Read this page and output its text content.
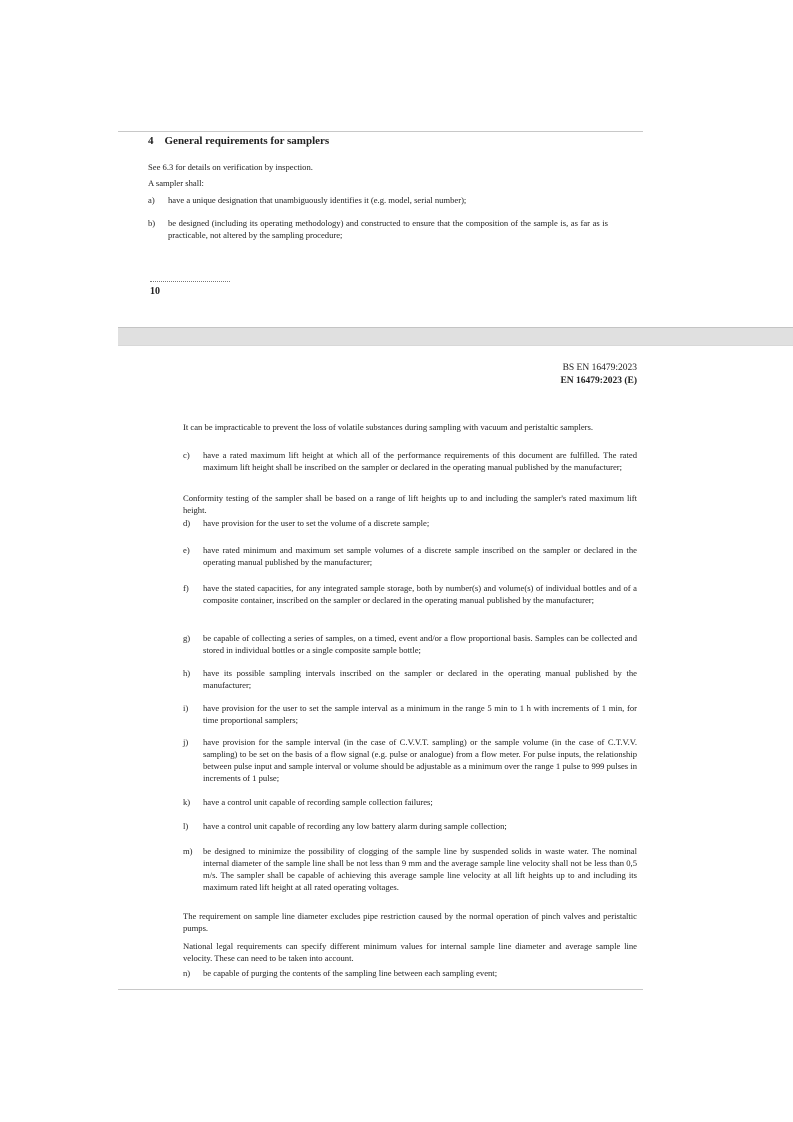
4 General requirements for samplers
See 6.3 for details on verification by inspection.
A sampler shall:
a)	have a unique designation that unambiguously identifies it (e.g. model, serial number);
b)	be designed (including its operating methodology) and constructed to ensure that the composition of the sample is, as far as is practicable, not altered by the sampling procedure;
10
BS EN 16479:2023
EN 16479:2023 (E)
It can be impracticable to prevent the loss of volatile substances during sampling with vacuum and peristaltic samplers.
c)	have a rated maximum lift height at which all of the performance requirements of this document are fulfilled. The rated maximum lift height shall be inscribed on the sampler or declared in the operating manual published by the manufacturer;
Conformity testing of the sampler shall be based on a range of lift heights up to and including the sampler's rated maximum lift height.
d)	have provision for the user to set the volume of a discrete sample;
e)	have rated minimum and maximum set sample volumes of a discrete sample inscribed on the sampler or declared in the operating manual published by the manufacturer;
f)	have the stated capacities, for any integrated sample storage, both by number(s) and volume(s) of individual bottles and of a composite container, inscribed on the sampler or declared in the operating manual published by the manufacturer;
g)	be capable of collecting a series of samples, on a timed, event and/or a flow proportional basis. Samples can be collected and stored in individual bottles or a single composite sample bottle;
h)	have its possible sampling intervals inscribed on the sampler or declared in the operating manual published by the manufacturer;
i)	have provision for the user to set the sample interval as a minimum in the range 5 min to 1 h with increments of 1 min, for time proportional samplers;
j)	have provision for the sample interval (in the case of C.V.V.T. sampling) or the sample volume (in the case of C.T.V.V. sampling) to be set on the basis of a flow signal (e.g. pulse or analogue) from a flow meter. For pulse inputs, the relationship between pulse input and sample interval or volume should be adjustable as a minimum over the range 1 pulse to 999 pulses in increments of 1 pulse;
k)	have a control unit capable of recording sample collection failures;
l)	have a control unit capable of recording any low battery alarm during sample collection;
m)	be designed to minimize the possibility of clogging of the sample line by suspended solids in waste water. The nominal internal diameter of the sample line shall be not less than 9 mm and the average sample line velocity shall not be less than 0,5 m/s. The sampler shall be capable of achieving this average sample line velocity at all lift heights up to and including its maximum rated lift height at all rated operating voltages.
The requirement on sample line diameter excludes pipe restriction caused by the normal operation of pinch valves and peristaltic pumps.
National legal requirements can specify different minimum values for internal sample line diameter and average sample line velocity. These can need to be taken into account.
n)	be capable of purging the contents of the sampling line between each sampling event;
